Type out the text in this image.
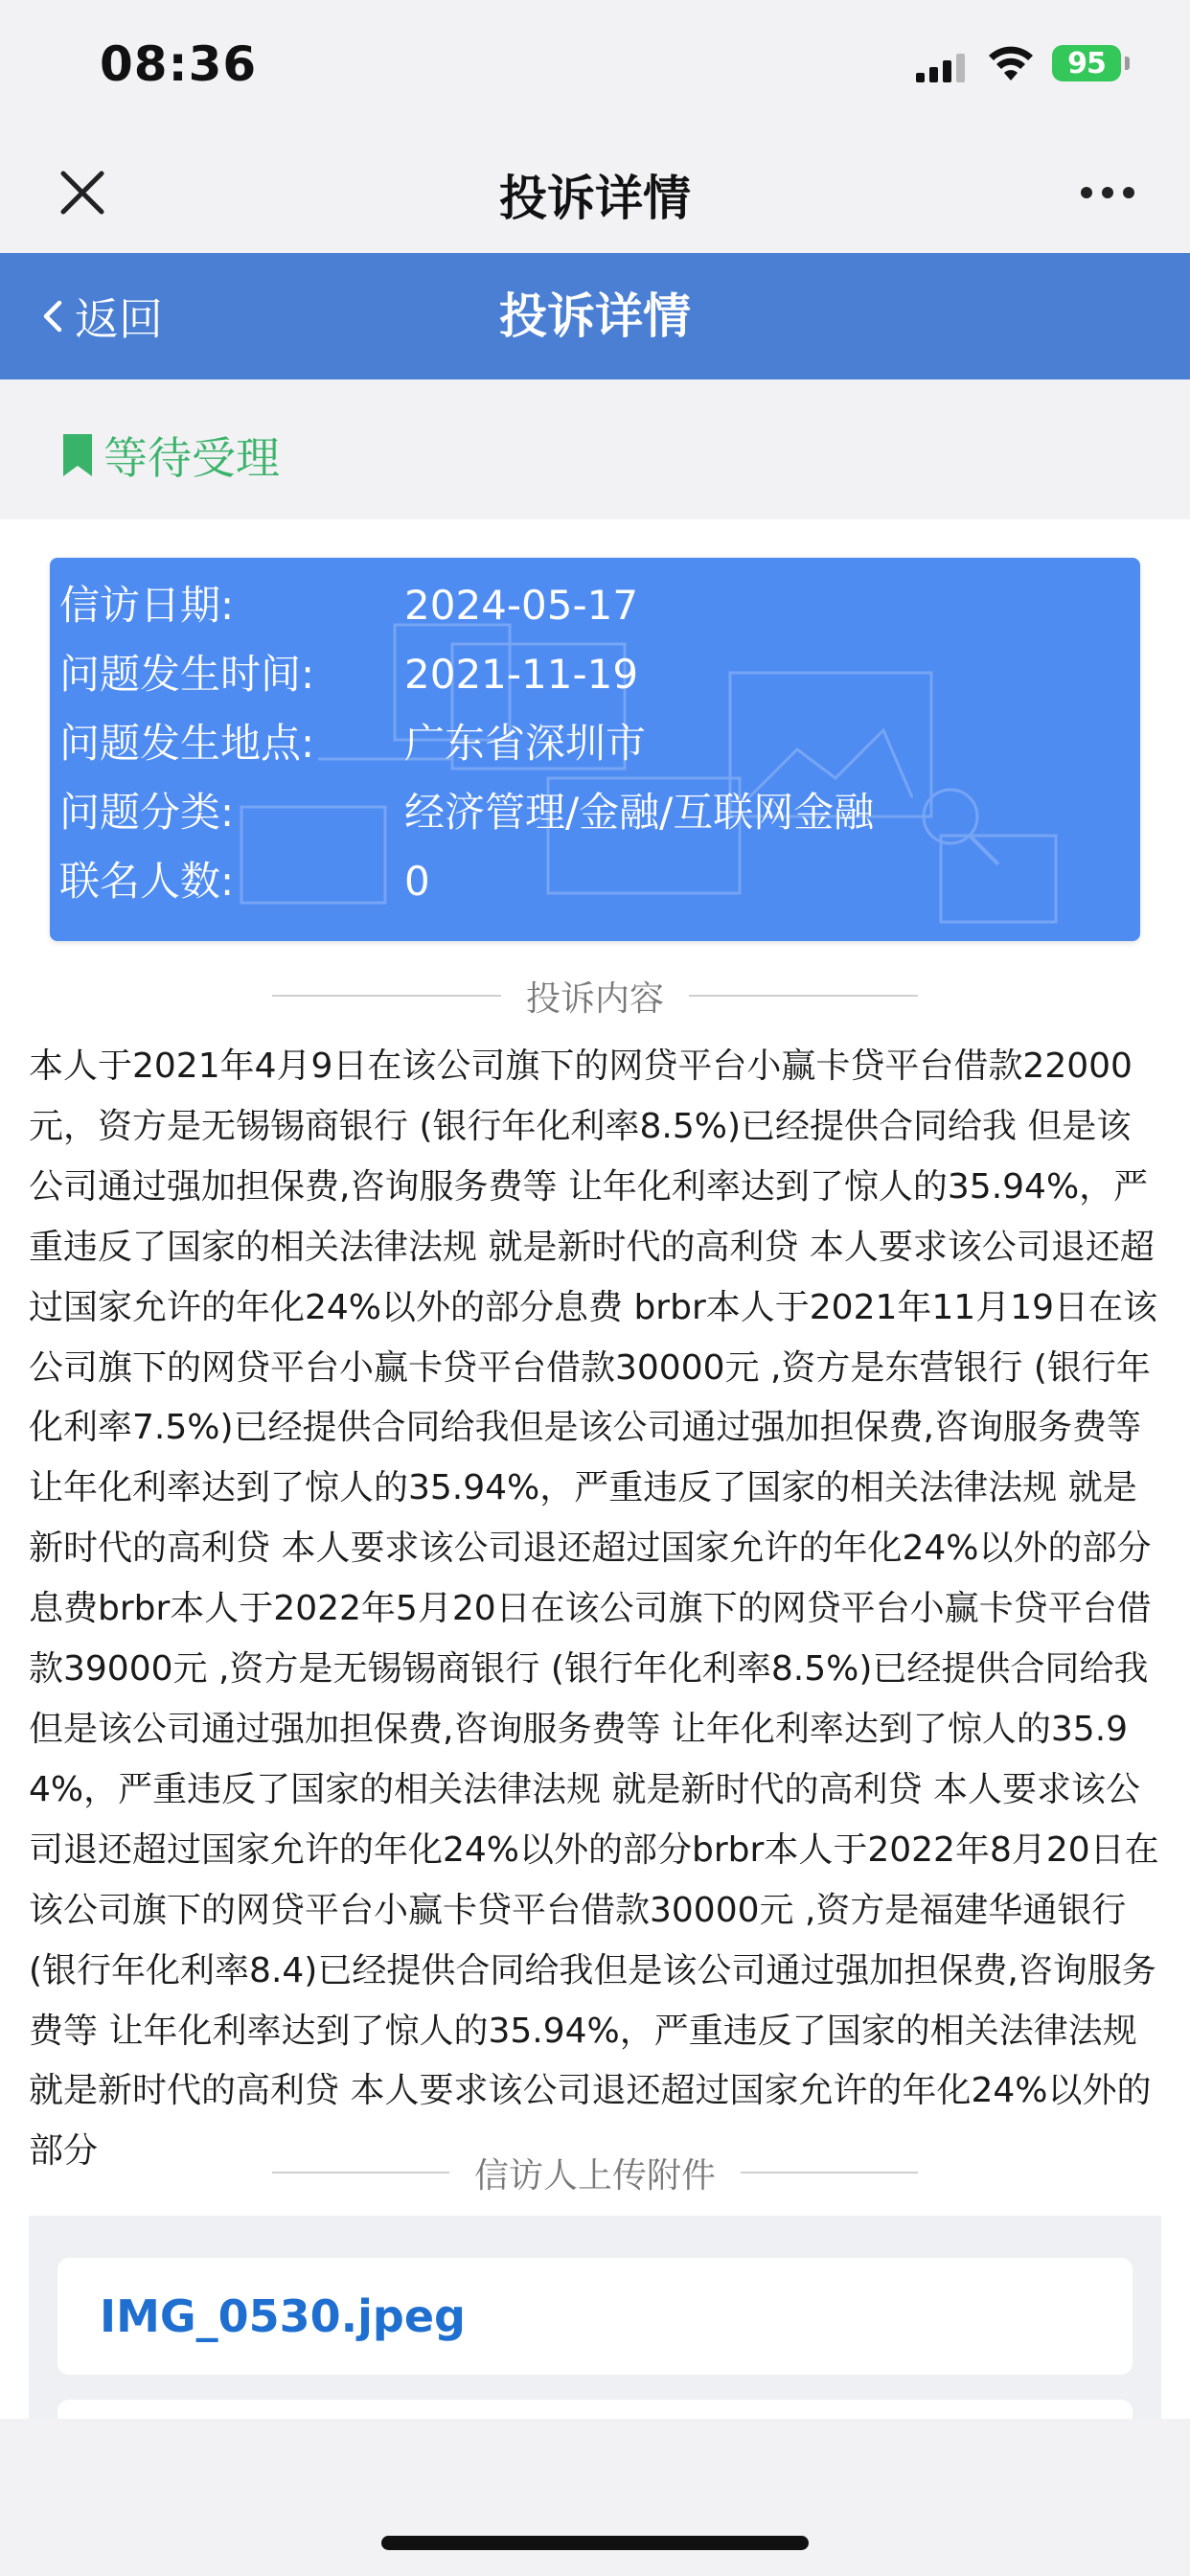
08:36	95
投诉详情
返回	投诉详情
等待受理
信访日期:	2024-05-17
问题发生时间:	2021-11-19
问题发生地点:	广东省深圳市
问题分类:	经济管理/金融/互联网金融
联名人数:	0
投诉内容
本人于2021年4月9日在该公司旗下的网贷平台小赢卡贷平台借款22000元，资方是无锡锡商银行 (银行年化利率8.5%)已经提供合同给我 但是该公司通过强加担保费,咨询服务费等 让年化利率达到了惊人的35.94%，严重违反了国家的相关法律法规 就是新时代的高利贷 本人要求该公司退还超过国家允许的年化24%以外的部分息费 brbr本人于2021年11月19日在该公司旗下的网贷平台小赢卡贷平台借款30000元 ,资方是东营银行 (银行年化利率7.5%)已经提供合同给我但是该公司通过强加担保费,咨询服务费等 让年化利率达到了惊人的35.94%，严重违反了国家的相关法律法规 就是新时代的高利贷 本人要求该公司退还超过国家允许的年化24%以外的部分息费brbr本人于2022年5月20日在该公司旗下的网贷平台小赢卡贷平台借款39000元 ,资方是无锡锡商银行 (银行年化利率8.5%)已经提供合同给我但是该公司通过强加担保费,咨询服务费等 让年化利率达到了惊人的35.94%，严重违反了国家的相关法律法规 就是新时代的高利贷 本人要求该公司退还超过国家允许的年化24%以外的部分brbr本人于2022年8月20日在该公司旗下的网贷平台小赢卡贷平台借款30000元 ,资方是福建华通银行 (银行年化利率8.4)已经提供合同给我但是该公司通过强加担保费,咨询服务费等 让年化利率达到了惊人的35.94%，严重违反了国家的相关法律法规 就是新时代的高利贷 本人要求该公司退还超过国家允许的年化24%以外的部分
信访人上传附件
IMG_0530.jpeg
